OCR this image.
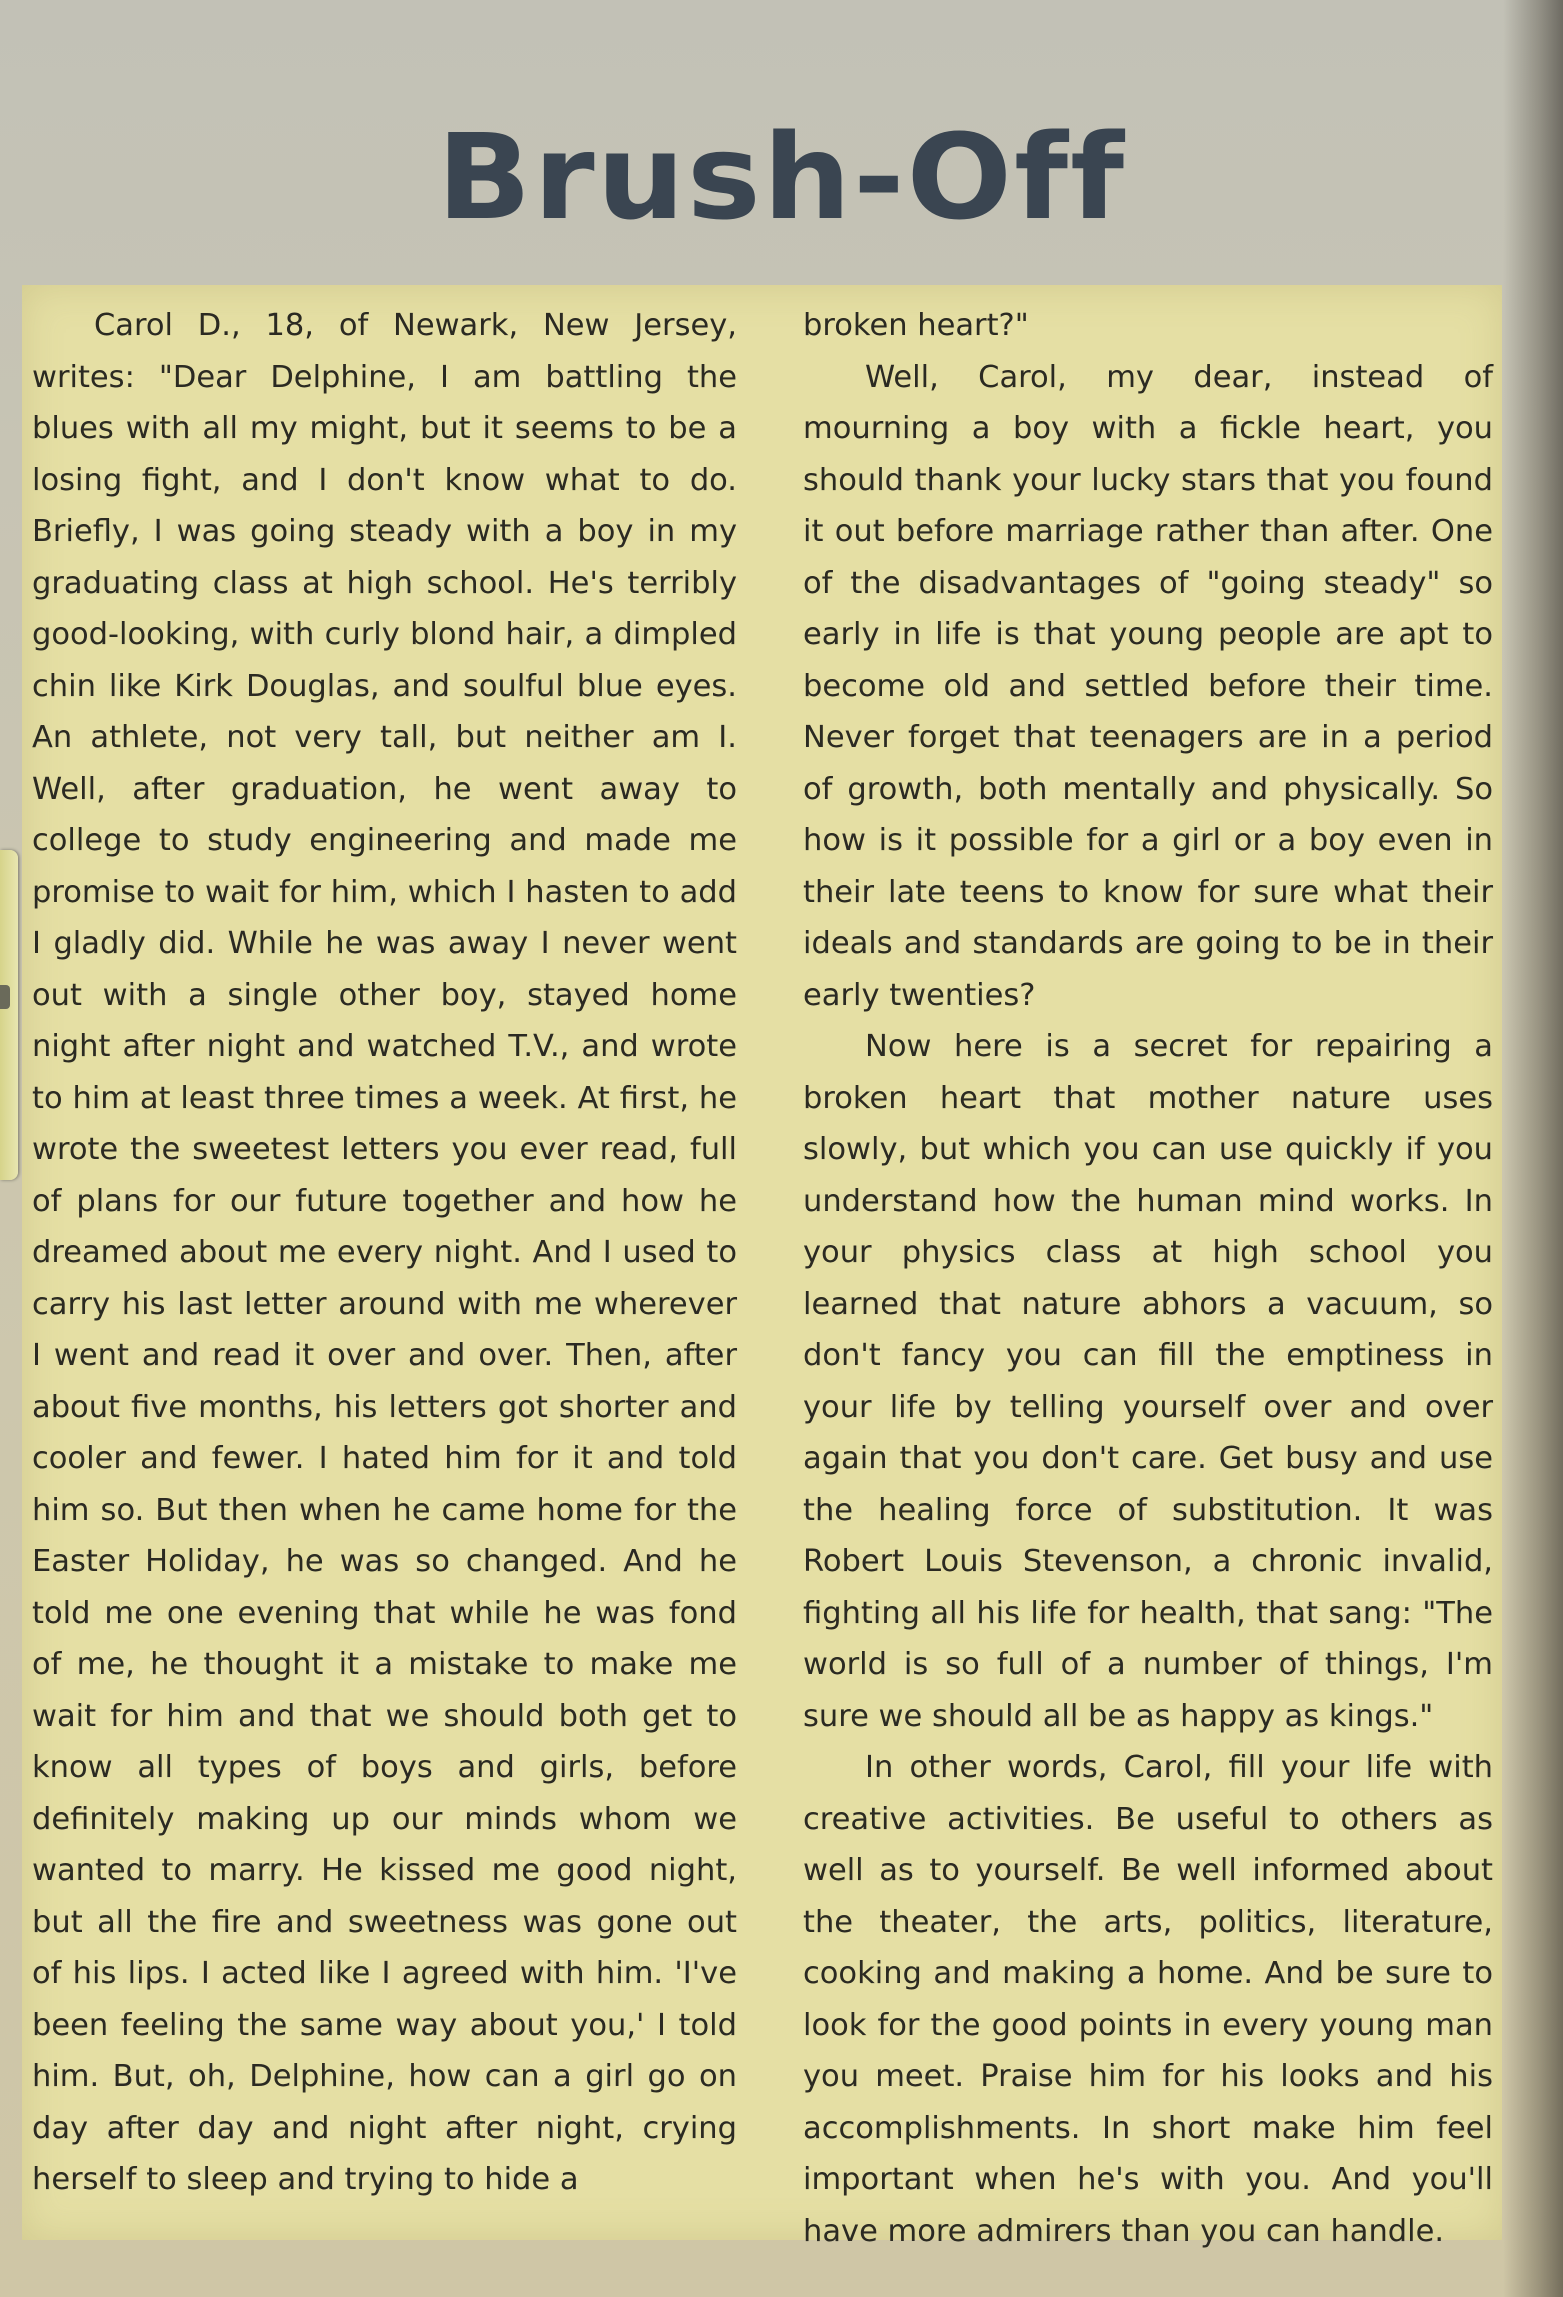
Brush-Off

Carol D., 18, of Newark, New Jersey, writes: "Dear Delphine, I am battling the blues with all my might, but it seems to be a losing fight, and I don't know what to do. Briefly, I was going steady with a boy in my graduating class at high school. He's terribly good-looking, with curly blond hair, a dimpled chin like Kirk Douglas, and soulful blue eyes. An athlete, not very tall, but neither am I. Well, after graduation, he went away to college to study engineering and made me promise to wait for him, which I hasten to add I gladly did. While he was away I never went out with a single other boy, stayed home night after night and watched T.V., and wrote to him at least three times a week. At first, he wrote the sweetest letters you ever read, full of plans for our future together and how he dreamed about me every night. And I used to carry his last letter around with me wherever I went and read it over and over. Then, after about five months, his letters got shorter and cooler and fewer. I hated him for it and told him so. But then when he came home for the Easter Holiday, he was so changed. And he told me one evening that while he was fond of me, he thought it a mistake to make me wait for him and that we should both get to know all types of boys and girls, before definitely making up our minds whom we wanted to marry. He kissed me good night, but all the fire and sweetness was gone out of his lips. I acted like I agreed with him. 'I've been feeling the same way about you,' I told him. But, oh, Delphine, how can a girl go on day after day and night after night, crying herself to sleep and trying to hide a

broken heart?"

Well, Carol, my dear, instead of mourning a boy with a fickle heart, you should thank your lucky stars that you found it out before marriage rather than after. One of the disadvantages of "going steady" so early in life is that young people are apt to become old and settled before their time. Never forget that teenagers are in a period of growth, both mentally and physically. So how is it possible for a girl or a boy even in their late teens to know for sure what their ideals and standards are going to be in their early twenties?

Now here is a secret for repairing a broken heart that mother nature uses slowly, but which you can use quickly if you understand how the human mind works. In your physics class at high school you learned that nature abhors a vacuum, so don't fancy you can fill the emptiness in your life by telling yourself over and over again that you don't care. Get busy and use the healing force of substitution. It was Robert Louis Stevenson, a chronic invalid, fighting all his life for health, that sang: "The world is so full of a number of things, I'm sure we should all be as happy as kings."

In other words, Carol, fill your life with creative activities. Be useful to others as well as to yourself. Be well informed about the theater, the arts, politics, literature, cooking and making a home. And be sure to look for the good points in every young man you meet. Praise him for his looks and his accomplishments. In short make him feel important when he's with you. And you'll have more admirers than you can handle.
